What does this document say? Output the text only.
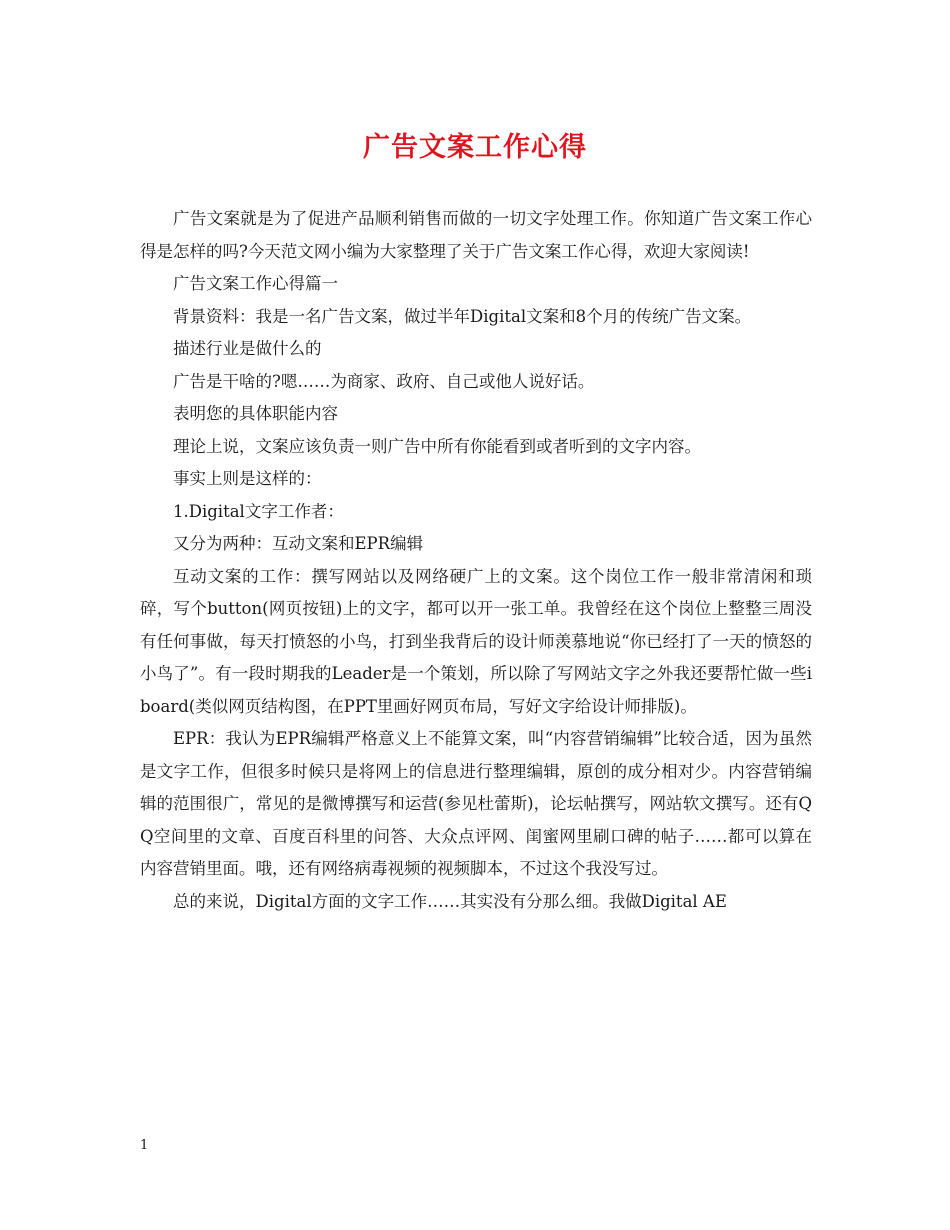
广告文案工作心得

广告文案就是为了促进产品顺利销售而做的一切文字处理工作。你知道广告文案工作心得是怎样的吗?今天范文网小编为大家整理了关于广告文案工作心得，欢迎大家阅读!

广告文案工作心得篇一

背景资料：我是一名广告文案，做过半年Digital文案和8个月的传统广告文案。

描述行业是做什么的

广告是干啥的?嗯……为商家、政府、自己或他人说好话。

表明您的具体职能内容

理论上说，文案应该负责一则广告中所有你能看到或者听到的文字内容。

事实上则是这样的：

1.Digital文字工作者：

又分为两种：互动文案和EPR编辑

互动文案的工作：撰写网站以及网络硬广上的文案。这个岗位工作一般非常清闲和琐碎，写个button(网页按钮)上的文字，都可以开一张工单。我曾经在这个岗位上整整三周没有任何事做，每天打愤怒的小鸟，打到坐我背后的设计师羡慕地说“你已经打了一天的愤怒的小鸟了”。有一段时期我的Leader是一个策划，所以除了写网站文字之外我还要帮忙做一些iboard(类似网页结构图，在PPT里画好网页布局，写好文字给设计师排版)。

EPR：我认为EPR编辑严格意义上不能算文案，叫“内容营销编辑”比较合适，因为虽然是文字工作，但很多时候只是将网上的信息进行整理编辑，原创的成分相对少。内容营销编辑的范围很广，常见的是微博撰写和运营(参见杜蕾斯)，论坛帖撰写，网站软文撰写。还有QQ空间里的文章、百度百科里的问答、大众点评网、闺蜜网里刷口碑的帖子……都可以算在内容营销里面。哦，还有网络病毒视频的视频脚本，不过这个我没写过。

总的来说，Digital方面的文字工作……其实没有分那么细。我做Digital AE

1
